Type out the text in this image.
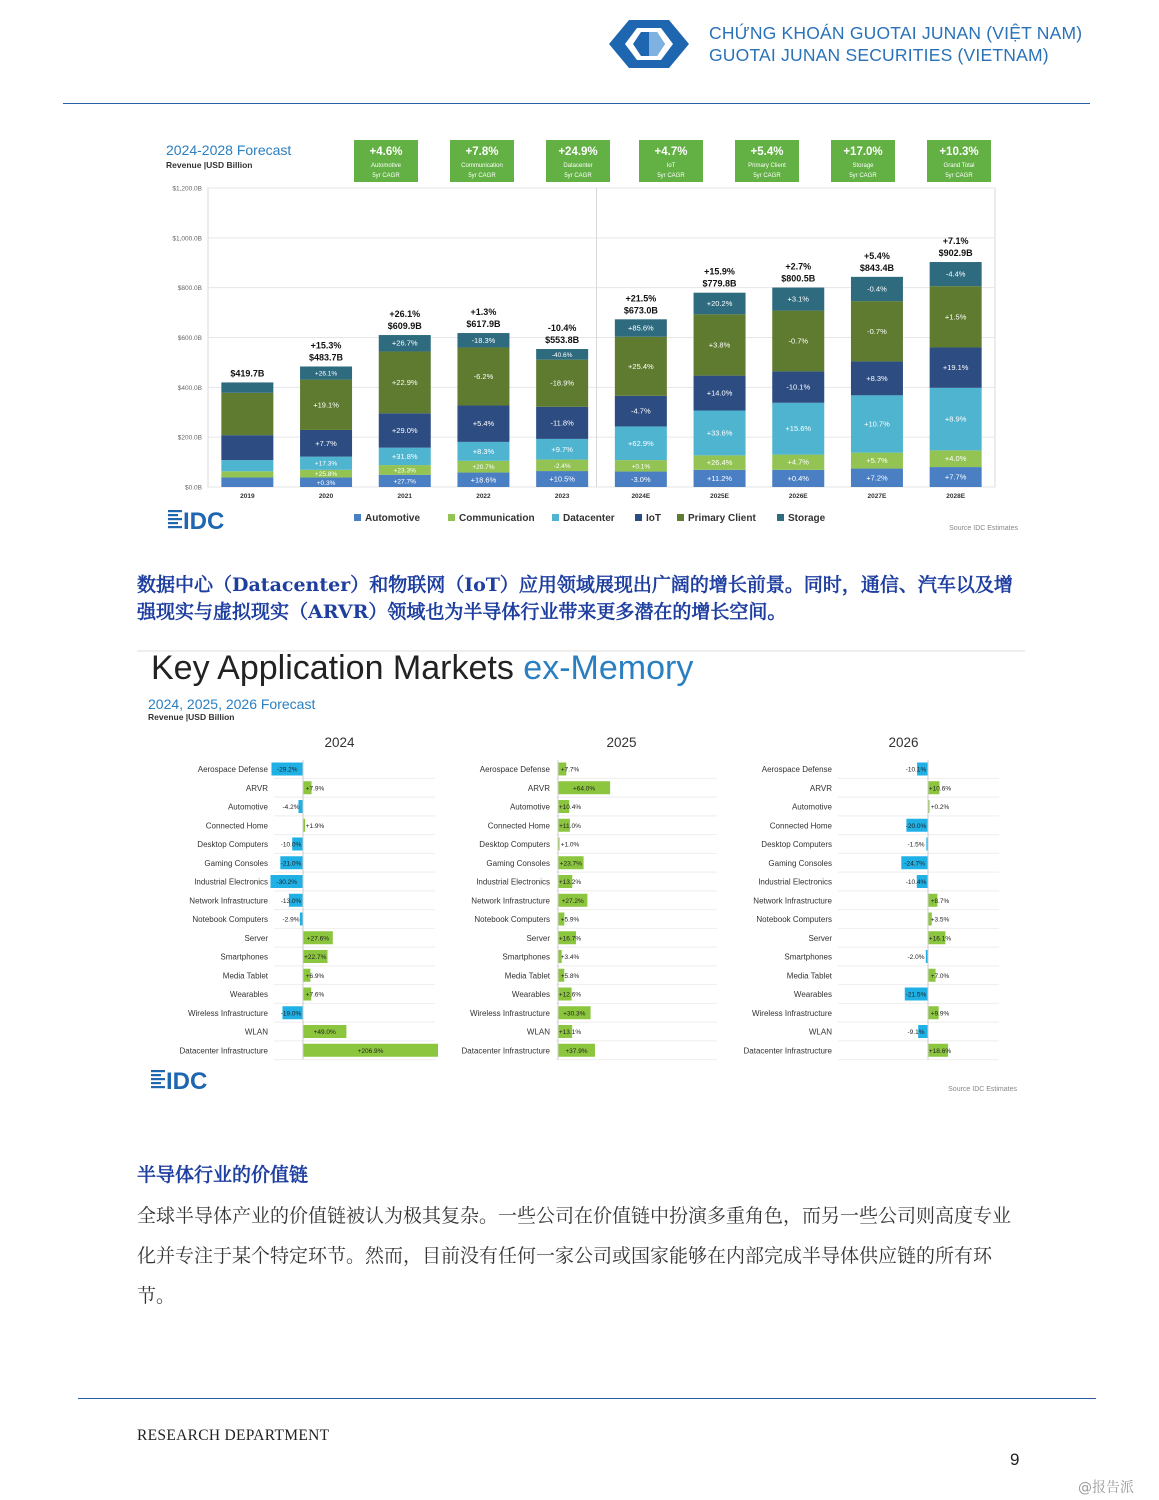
CHỨNG KHOÁN GUOTAI JUNAN (VIỆT NAM)
GUOTAI JUNAN SECURITIES (VIETNAM)
2024-2028 Forecast
Revenue |USD Billion
+4.6%
Automotive
5yr CAGR
+7.8%
Communication
5yr CAGR
+24.9%
Datacenter
5yr CAGR
+4.7%
IoT
5yr CAGR
+5.4%
Primary Client
5yr CAGR
+17.0%
Storage
5yr CAGR
+10.3%
Grand Total
5yr CAGR
$0.0B
$200.0B
$400.0B
$600.0B
$800.0B
$1,000.0B
$1,200.0B
$419.7B
2019
+0.3%
+25.8%
+17.3%
+7.7%
+19.1%
+26.1%
$483.7B
+15.3%
2020
+27.7%
+23.3%
+31.8%
+29.0%
+22.9%
+26.7%
$609.9B
+26.1%
2021
+18.6%
+20.7%
+8.3%
+5.4%
-6.2%
-18.3%
$617.9B
+1.3%
2022
+10.5%
-2.4%
+9.7%
-11.8%
-18.9%
-40.6%
$553.8B
-10.4%
2023
-3.0%
+0.1%
+62.9%
-4.7%
+25.4%
+85.6%
$673.0B
+21.5%
2024E
+11.2%
+26.4%
+33.6%
+14.0%
+3.8%
+20.2%
$779.8B
+15.9%
2025E
+0.4%
+4.7%
+15.6%
-10.1%
-0.7%
+3.1%
$800.5B
+2.7%
2026E
+7.2%
+5.7%
+10.7%
+8.3%
-0.7%
-0.4%
$843.4B
+5.4%
2027E
+7.7%
+4.0%
+8.9%
+19.1%
+1.5%
-4.4%
$902.9B
+7.1%
2028E
IDC	Automotive	Communication	Datacenter	IoT	Primary Client	Storage
Source IDC Estimates
数据中心（Datacenter）和物联网（IoT）应用领域展现出广阔的增长前景。同时，通信、汽车以及增强现实与虚拟现实（ARVR）领域也为半导体行业带来更多潜在的增长空间。
Key Application Markets ex-Memory
2024, 2025, 2026 Forecast
Revenue |USD Billion
2024
Aerospace Defense -29.2%
ARVR	+7.9%
Automotive -4.2%
Connected Home	+1.9%
Desktop Computers -10.0%
Gaming Consoles -21.0%
Industrial Electronics -30.2%
Network Infrastructure -13.0%
Notebook Computers -2.9%
Server	+27.6%
Smartphones	+22.7%
Media Tablet	+6.9%
Wearables	+7.6%
Wireless Infrastructure -19.0%
WLAN	+49.0%
Datacenter Infrastructure	+206.9%
2025
Aerospace Defense +7.7%
ARVR	+64.0%
Automotive +10.4%
Connected Home +11.0%
Desktop Computers +1.0%
Gaming Consoles +23.7%
Industrial Electronics +13.2%
Network Infrastructure +27.2%
Notebook Computers +5.9%
Server +16.7%
Smartphones +3.4%
Media Tablet +5.8%
Wearables +12.6%
Wireless Infrastructure +30.3%
WLAN +13.1%
Datacenter Infrastructure +37.9%
2026
Aerospace Defense	-10.1%
ARVR	+10.6%
Automotive	+0.2%
Connected Home	-20.0%
Desktop Computers	-1.5%
Gaming Consoles	-24.7%
Industrial Electronics	-10.4%
Network Infrastructure	+8.7%
Notebook Computers	+3.5%
Server	+16.1%
Smartphones	-2.0%
Media Tablet	+7.0%
Wearables	-21.5%
Wireless Infrastructure	+9.9%
WLAN	-9.1%
Datacenter Infrastructure	+18.6%
IDC	Source IDC Estimates
半导体行业的价值链
全球半导体产业的价值链被认为极其复杂。一些公司在价值链中扮演多重角色，而另一些公司则高度专业化并专注于某个特定环节。然而，目前没有任何一家公司或国家能够在内部完成半导体供应链的所有环节。
RESEARCH DEPARTMENT
9
@报告派
